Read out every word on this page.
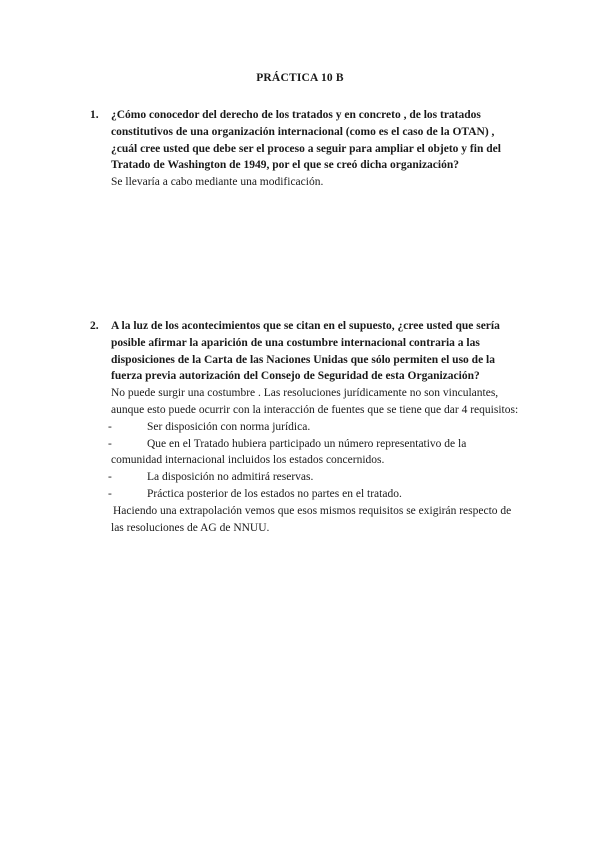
PRÁCTICA 10 B
1. ¿Cómo conocedor del derecho de los tratados y en concreto , de los tratados constitutivos de una organización internacional (como es el caso de la OTAN) , ¿cuál cree usted que debe ser el proceso a seguir para ampliar el objeto y fin del Tratado de Washington de 1949, por el que se creó dicha organización?
Se llevaría a cabo mediante una modificación.
2. A la luz de los acontecimientos que se citan en el supuesto, ¿cree usted que sería posible afirmar la aparición de una costumbre internacional contraria a las disposiciones de la Carta de las Naciones Unidas que sólo permiten el uso de la fuerza previa autorización del Consejo de Seguridad de esta Organización?
No puede surgir una costumbre . Las resoluciones jurídicamente no son vinculantes, aunque esto puede ocurrir con la interacción de fuentes que se tiene que dar 4 requisitos:
-	Ser disposición con norma jurídica.
-	Que en el Tratado hubiera participado un número representativo de la comunidad internacional incluidos los estados concernidos.
-	La disposición no admitirá reservas.
-	Práctica posterior de los estados no partes en el tratado.
Haciendo una extrapolación vemos que esos mismos requisitos se exigirán respecto de las resoluciones de AG de NNUU.
